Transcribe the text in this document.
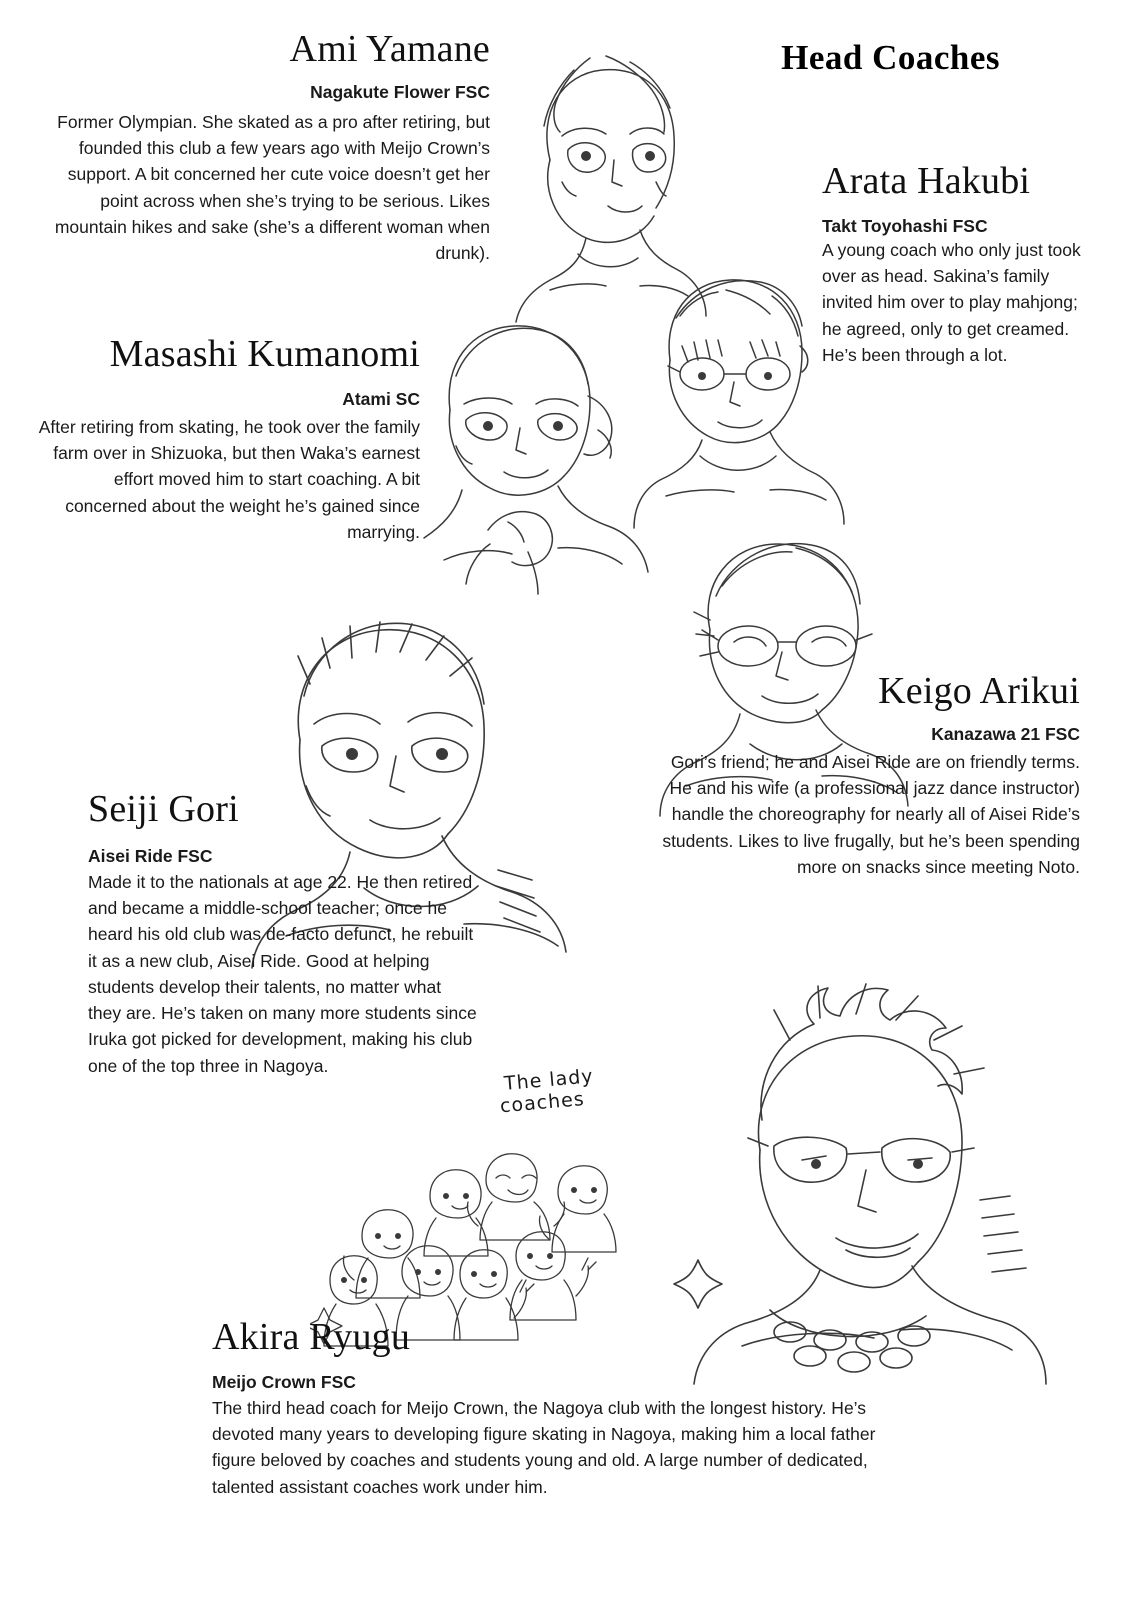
Head Coaches
Ami Yamane
Nagakute Flower FSC
Former Olympian. She skated as a pro after retiring, but founded this club a few years ago with Meijo Crown’s support. A bit concerned her cute voice doesn’t get her point across when she’s trying to be serious. Likes mountain hikes and sake (she’s a different woman when drunk).
Arata Hakubi
Takt Toyohashi FSC
A young coach who only just took over as head. Sakina’s family invited him over to play mahjong; he agreed, only to get creamed. He’s been through a lot.
Masashi Kumanomi
Atami SC
After retiring from skating, he took over the family farm over in Shizuoka, but then Waka’s earnest effort moved him to start coaching. A bit concerned about the weight he’s gained since marrying.
Keigo Arikui
Kanazawa 21 FSC
Gori’s friend; he and Aisei Ride are on friendly terms. He and his wife (a professional jazz dance instructor) handle the choreography for nearly all of Aisei Ride’s students. Likes to live frugally, but he’s been spending more on snacks since meeting Noto.
Seiji Gori
Aisei Ride FSC
Made it to the nationals at age 22. He then retired and became a middle-school teacher; once he heard his old club was de-facto defunct, he rebuilt it as a new club, Aisei Ride. Good at helping students develop their talents, no matter what they are. He’s taken on many more students since Iruka got picked for development, making his club one of the top three in Nagoya.	The lady
coaches
Akira Ryugu
Meijo Crown FSC
The third head coach for Meijo Crown, the Nagoya club with the longest history. He’s devoted many years to developing figure skating in Nagoya, making him a local father figure beloved by coaches and students young and old. A large number of dedicated, talented assistant coaches work under him.
